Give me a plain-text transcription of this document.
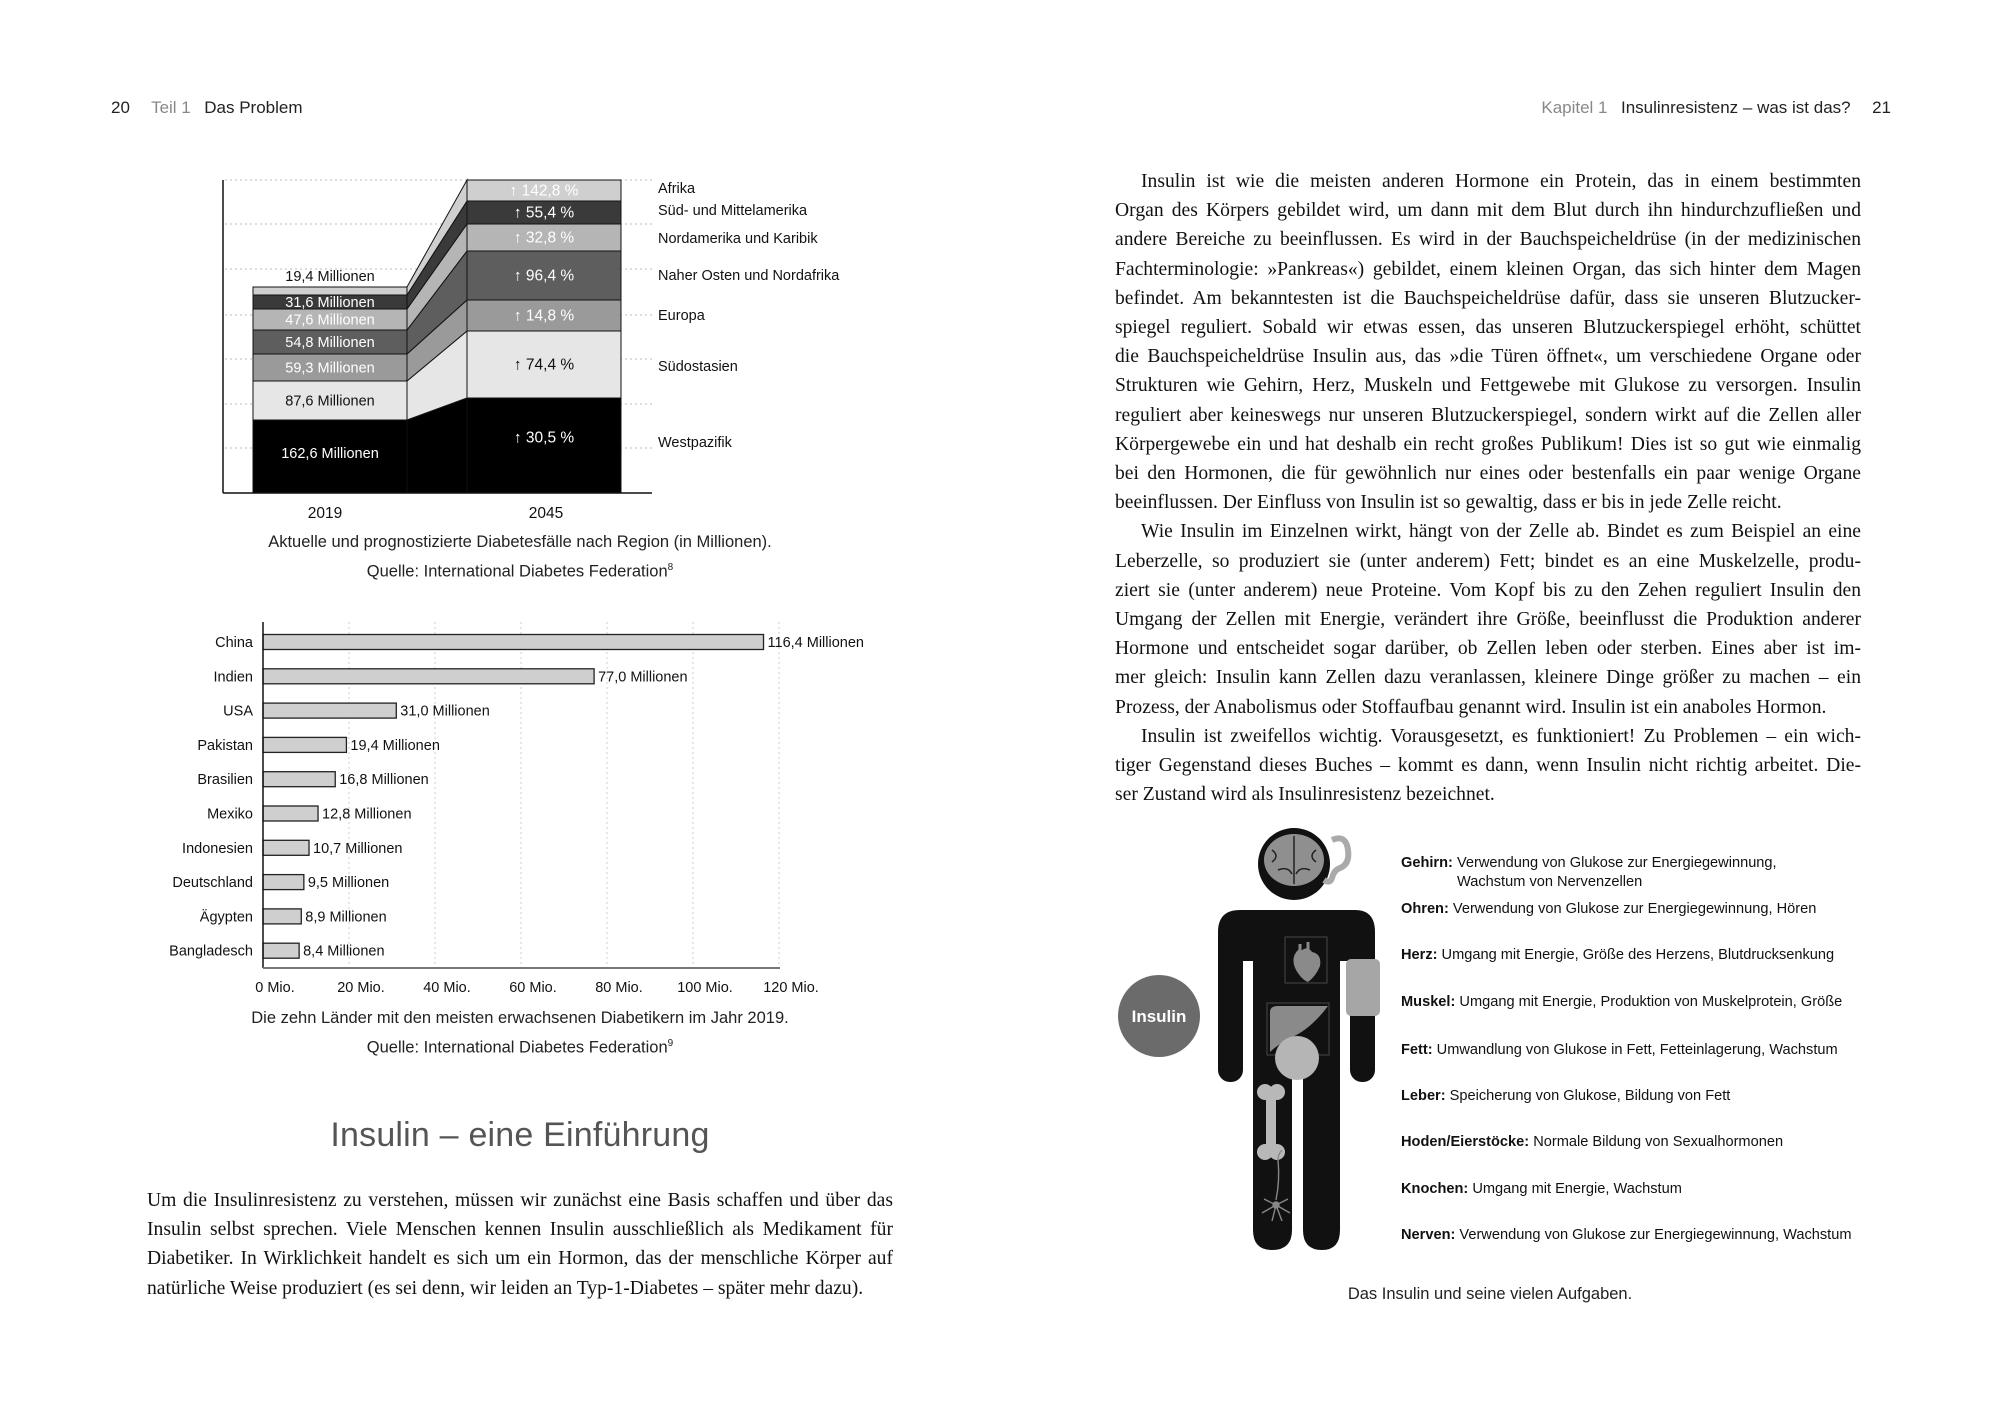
20 Teil 1 Das Problem
↑ 30,5 %
162,6 Millionen
↑ 74,4 %
87,6 Millionen
↑ 14,8 %
59,3 Millionen
↑ 96,4 %
54,8 Millionen
↑ 32,8 %
47,6 Millionen
↑ 55,4 %
31,6 Millionen
↑ 142,8 %
19,4 Millionen
2019	2045
Westpazifik
Südostasien
Europa
Naher Osten und Nordafrika
Nordamerika und Karibik
Süd- und Mittelamerika
Afrika
Aktuelle und prognostizierte Diabetesfälle nach Region (in Millionen).
Quelle: International Diabetes Federation$^8$
China	116,4 Millionen
Indien	77,0 Millionen
USA	31,0 Millionen
Pakistan	19,4 Millionen
Brasilien	16,8 Millionen
Mexiko	12,8 Millionen
Indonesien	10,7 Millionen
Deutschland	9,5 Millionen
Ägypten	8,9 Millionen
Bangladesch	8,4 Millionen
0 Mio.	20 Mio.	40 Mio.	60 Mio.	80 Mio. 100 Mio. 120 Mio.
Die zehn Länder mit den meisten erwachsenen Diabetikern im Jahr 2019.
Quelle: International Diabetes Federation$^9$
Insulin – eine Einführung
Um die Insulinresistenz zu verstehen, müssen wir zunächst eine Basis schaffen und über das
Insulin selbst sprechen. Viele Menschen kennen Insulin ausschließlich als Medikament für
Diabetiker. In Wirklichkeit handelt es sich um ein Hormon, das der menschliche Körper auf
natürliche Weise produziert (es sei denn, wir leiden an Typ-1-Diabetes – später mehr dazu).
Kapitel 1 Insulinresistenz – was ist das? 21
Insulin ist wie die meisten anderen Hormone ein Protein, das in einem bestimmten
Organ des Körpers gebildet wird, um dann mit dem Blut durch ihn hindurchzufließen und
andere Bereiche zu beeinflussen. Es wird in der Bauchspeicheldrüse (in der medizinischen
Fachterminologie: »Pankreas«) gebildet, einem kleinen Organ, das sich hinter dem Magen
befindet. Am bekanntesten ist die Bauchspeicheldrüse dafür, dass sie unseren Blutzucker-
spiegel reguliert. Sobald wir etwas essen, das unseren Blutzuckerspiegel erhöht, schüttet
die Bauchspeicheldrüse Insulin aus, das »die Türen öffnet«, um verschiedene Organe oder
Strukturen wie Gehirn, Herz, Muskeln und Fettgewebe mit Glukose zu versorgen. Insulin
reguliert aber keineswegs nur unseren Blutzuckerspiegel, sondern wirkt auf die Zellen aller
Körpergewebe ein und hat deshalb ein recht großes Publikum! Dies ist so gut wie einmalig
bei den Hormonen, die für gewöhnlich nur eines oder bestenfalls ein paar wenige Organe
beeinflussen. Der Einfluss von Insulin ist so gewaltig, dass er bis in jede Zelle reicht.
Wie Insulin im Einzelnen wirkt, hängt von der Zelle ab. Bindet es zum Beispiel an eine
Leberzelle, so produziert sie (unter anderem) Fett; bindet es an eine Muskelzelle, produ-
ziert sie (unter anderem) neue Proteine. Vom Kopf bis zu den Zehen reguliert Insulin den
Umgang der Zellen mit Energie, verändert ihre Größe, beeinflusst die Produktion anderer
Hormone und entscheidet sogar darüber, ob Zellen leben oder sterben. Eines aber ist im-
mer gleich: Insulin kann Zellen dazu veranlassen, kleinere Dinge größer zu machen – ein
Prozess, der Anabolismus oder Stoffaufbau genannt wird. Insulin ist ein anaboles Hormon.
Insulin ist zweifellos wichtig. Vorausgesetzt, es funktioniert! Zu Problemen – ein wich-
tiger Gegenstand dieses Buches – kommt es dann, wenn Insulin nicht richtig arbeitet. Die-
ser Zustand wird als Insulinresistenz bezeichnet.
Insulin
Gehirn: Verwendung von Glukose zur Energiegewinnung,
Wachstum von Nervenzellen
Ohren: Verwendung von Glukose zur Energiegewinnung, Hören
Herz: Umgang mit Energie, Größe des Herzens, Blutdrucksenkung
Muskel: Umgang mit Energie, Produktion von Muskelprotein, Größe
Fett: Umwandlung von Glukose in Fett, Fetteinlagerung, Wachstum
Leber: Speicherung von Glukose, Bildung von Fett
Hoden/Eierstöcke: Normale Bildung von Sexualhormonen
Knochen: Umgang mit Energie, Wachstum
Nerven: Verwendung von Glukose zur Energiegewinnung, Wachstum
Das Insulin und seine vielen Aufgaben.
